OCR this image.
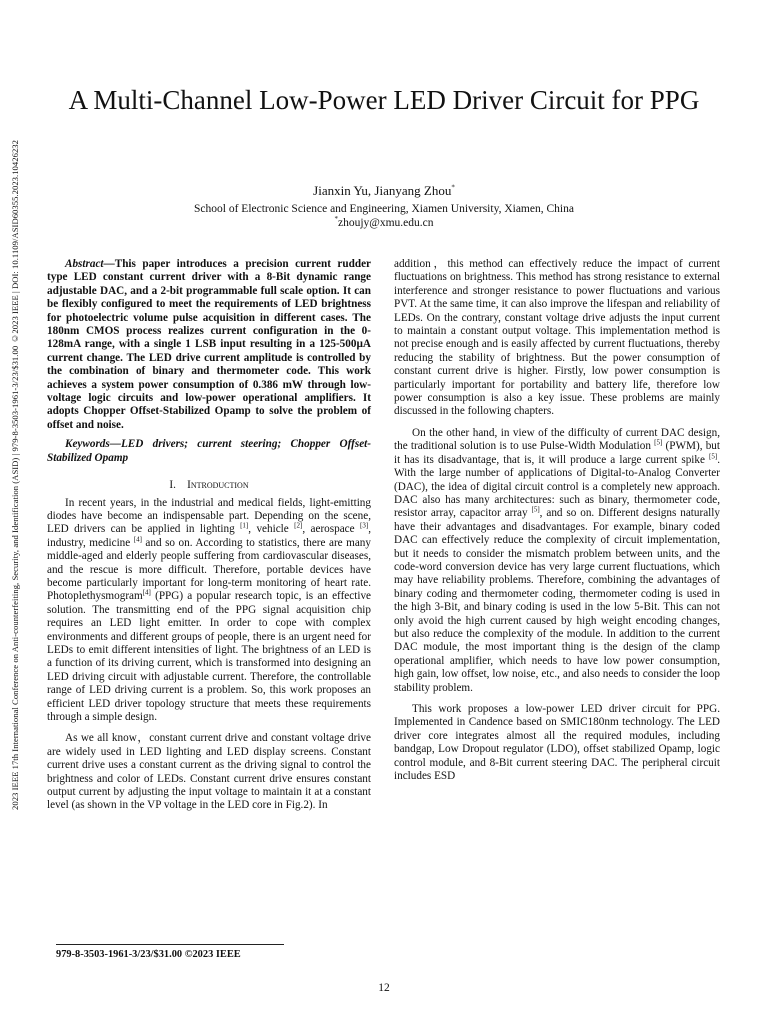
2023 IEEE 17th International Conference on Anti-counterfeiting, Security, and Identification (ASID) | 979-8-3503-1961-3/23/$31.00 ©2023 IEEE | DOI: 10.1109/ASID60355.2023.10426232
A Multi-Channel Low-Power LED Driver Circuit for PPG
Jianxin Yu, Jianyang Zhou*
School of Electronic Science and Engineering, Xiamen University, Xiamen, China
*zhoujy@xmu.edu.cn

Abstract—This paper introduces a precision current rudder type LED constant current driver with a 8-Bit dynamic range adjustable DAC, and a 2-bit programmable full scale option. It can be flexibly configured to meet the requirements of LED brightness for photoelectric volume pulse acquisition in different cases. The 180nm CMOS process realizes current configuration in the 0-128mA range, with a single 1 LSB input resulting in a 125-500µA current change. The LED drive current amplitude is controlled by the combination of binary and thermometer code. This work achieves a system power consumption of 0.386 mW through low-voltage logic circuits and low-power operational amplifiers. It adopts Chopper Offset-Stabilized Opamp to solve the problem of offset and noise.

Keywords—LED drivers; current steering; Chopper Offset-Stabilized Opamp

I. Introduction

In recent years, in the industrial and medical fields, light-emitting diodes have become an indispensable part. Depending on the scene, LED drivers can be applied in lighting [1], vehicle [2], aerospace [3], industry, medicine [4] and so on. According to statistics, there are many middle-aged and elderly people suffering from cardiovascular diseases, and the rescue is more difficult. Therefore, portable devices have become particularly important for long-term monitoring of heart rate. Photoplethysmogram[4] (PPG) a popular research topic, is an effective solution. The transmitting end of the PPG signal acquisition chip requires an LED light emitter. In order to cope with complex environments and different groups of people, there is an urgent need for LEDs to emit different intensities of light. The brightness of an LED is a function of its driving current, which is transformed into designing an LED driving circuit with adjustable current. Therefore, the controllable range of LED driving current is a problem. So, this work proposes an efficient LED driver topology structure that meets these requirements through a simple design.

As we all know，constant current drive and constant voltage drive are widely used in LED lighting and LED display screens. Constant current drive uses a constant current as the driving signal to control the brightness and color of LEDs. Constant current drive ensures constant output current by adjusting the input voltage to maintain it at a constant level (as shown in the VP voltage in the LED core in Fig.2). In

addition，this method can effectively reduce the impact of current fluctuations on brightness. This method has strong resistance to external interference and stronger resistance to power fluctuations and various PVT. At the same time, it can also improve the lifespan and reliability of LEDs. On the contrary, constant voltage drive adjusts the input current to maintain a constant output voltage. This implementation method is not precise enough and is easily affected by current fluctuations, thereby reducing the stability of brightness. But the power consumption of constant current drive is higher. Firstly, low power consumption is particularly important for portability and battery life, therefore low power consumption is also a key issue. These problems are mainly discussed in the following chapters.

On the other hand, in view of the difficulty of current DAC design, the traditional solution is to use Pulse-Width Modulation [5] (PWM), but it has its disadvantage, that is, it will produce a large current spike [5]. With the large number of applications of Digital-to-Analog Converter (DAC), the idea of digital circuit control is a completely new approach. DAC also has many architectures: such as binary, thermometer code, resistor array, capacitor array [5], and so on. Different designs naturally have their advantages and disadvantages. For example, binary coded DAC can effectively reduce the complexity of circuit implementation, but it needs to consider the mismatch problem between units, and the code-word conversion device has very large current fluctuations, which may have reliability problems. Therefore, combining the advantages of binary coding and thermometer coding, thermometer coding is used in the high 3-Bit, and binary coding is used in the low 5-Bit. This can not only avoid the high current caused by high weight encoding changes, but also reduce the complexity of the module. In addition to the current DAC module, the most important thing is the design of the clamp operational amplifier, which needs to have low power consumption, high gain, low offset, low noise, etc., and also needs to consider the loop stability problem.

This work proposes a low-power LED driver circuit for PPG. Implemented in Candence based on SMIC180nm technology. The LED driver core integrates almost all the required modules, including bandgap, Low Dropout regulator (LDO), offset stabilized Opamp, logic control module, and 8-Bit current steering DAC. The peripheral circuit includes ESD

979-8-3503-1961-3/23/$31.00 ©2023 IEEE
12
